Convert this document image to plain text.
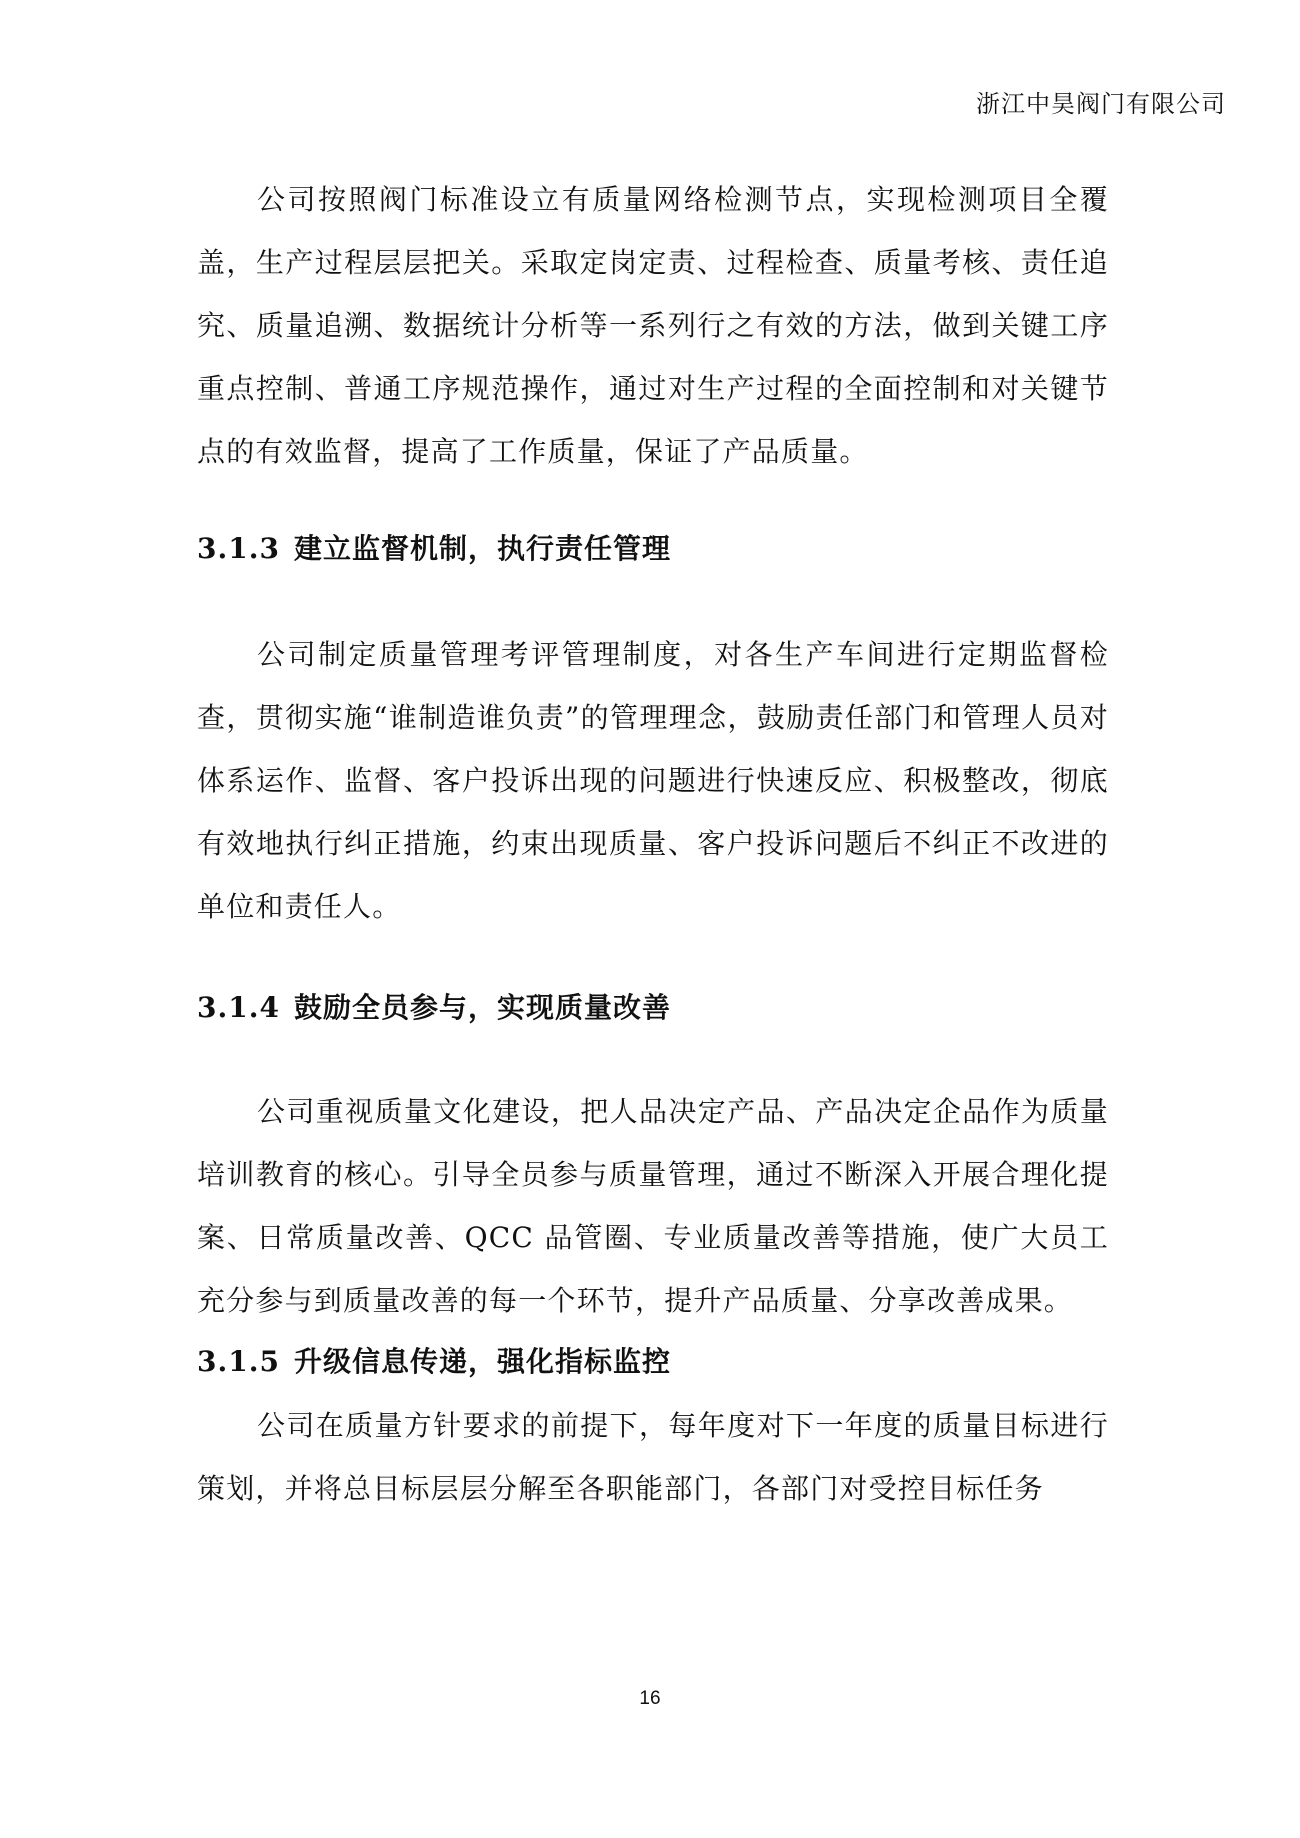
浙江中昊阀门有限公司

公司按照阀门标准设立有质量网络检测节点，实现检测项目全覆盖，生产过程层层把关。采取定岗定责、过程检查、质量考核、责任追究、质量追溯、数据统计分析等一系列行之有效的方法，做到关键工序重点控制、普通工序规范操作，通过对生产过程的全面控制和对关键节点的有效监督，提高了工作质量，保证了产品质量。

3.1.3 建立监督机制，执行责任管理

公司制定质量管理考评管理制度，对各生产车间进行定期监督检查，贯彻实施“谁制造谁负责”的管理理念，鼓励责任部门和管理人员对体系运作、监督、客户投诉出现的问题进行快速反应、积极整改，彻底有效地执行纠正措施，约束出现质量、客户投诉问题后不纠正不改进的单位和责任人。

3.1.4 鼓励全员参与，实现质量改善

公司重视质量文化建设，把人品决定产品、产品决定企品作为质量培训教育的核心。引导全员参与质量管理，通过不断深入开展合理化提案、日常质量改善、QCC 品管圈、专业质量改善等措施，使广大员工充分参与到质量改善的每一个环节，提升产品质量、分享改善成果。

3.1.5 升级信息传递，强化指标监控

公司在质量方针要求的前提下，每年度对下一年度的质量目标进行策划，并将总目标层层分解至各职能部门，各部门对受控目标任务

16
